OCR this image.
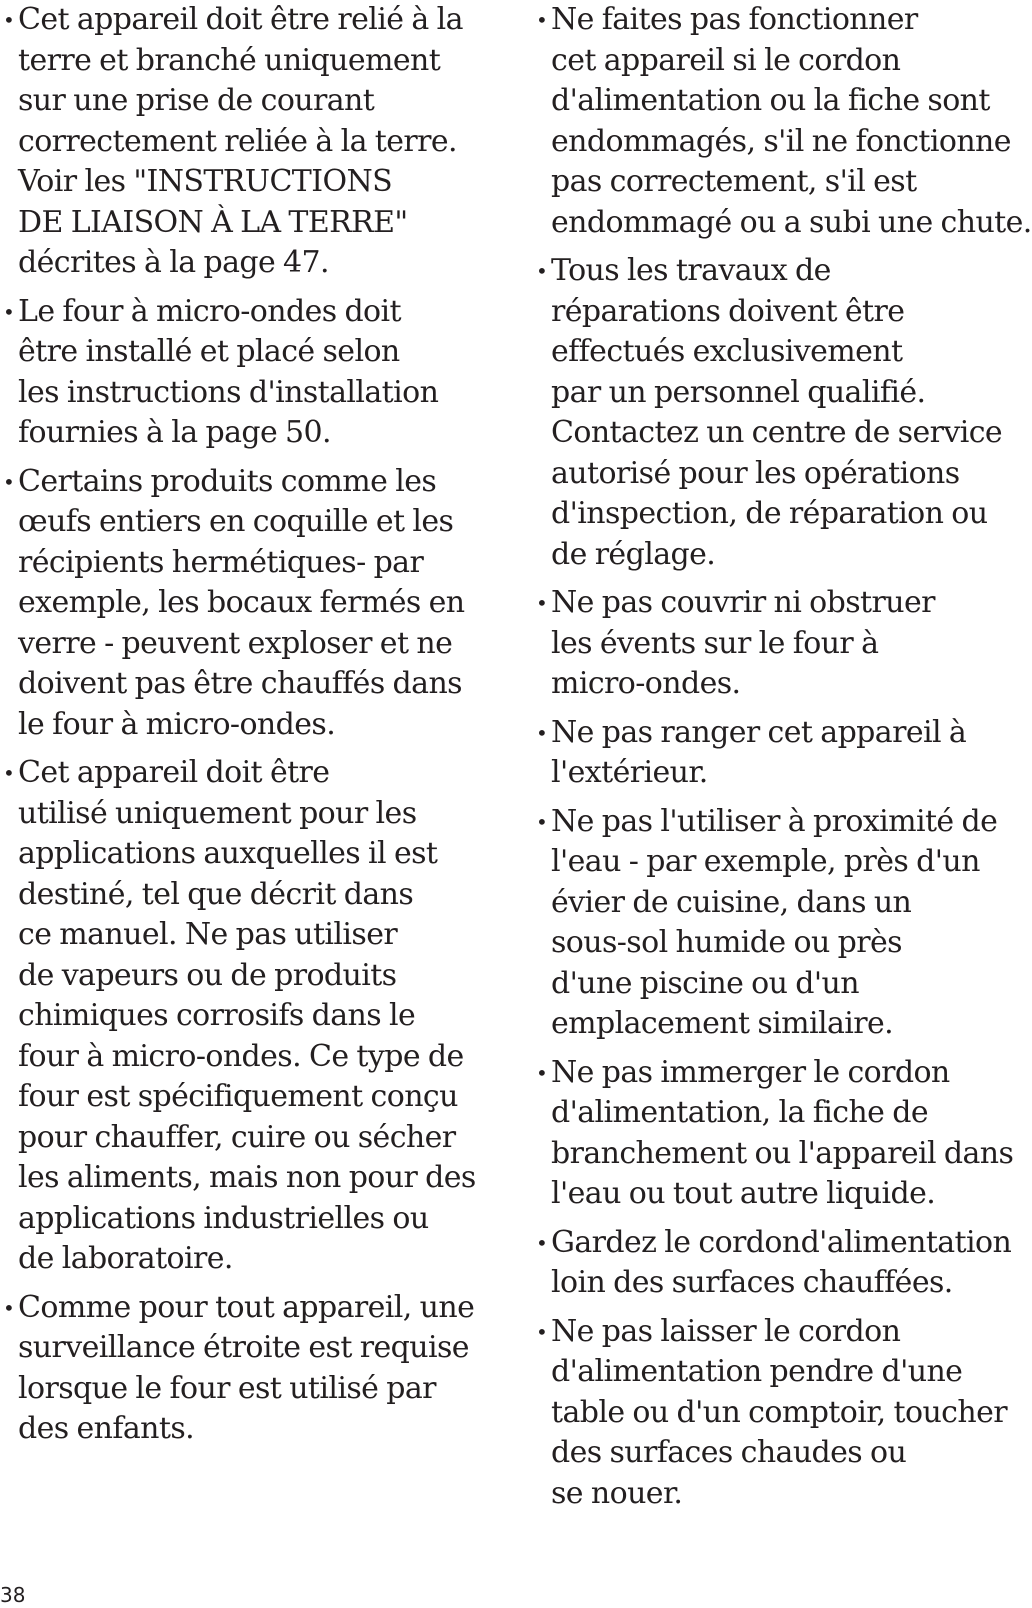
• Cet appareil doit être relié à la
terre et branché uniquement
sur une prise de courant
correctement reliée à la terre.
Voir les "INSTRUCTIONS
DE LIAISON À LA TERRE"
décrites à la page 47.
• Le four à micro-ondes doit
être installé et placé selon
les instructions d'installation
fournies à la page 50.
• Certains produits comme les
œufs entiers en coquille et les
récipients hermétiques- par
exemple, les bocaux fermés en
verre - peuvent exploser et ne
doivent pas être chauffés dans
le four à micro-ondes.
• Cet appareil doit être
utilisé uniquement pour les
applications auxquelles il est
destiné, tel que décrit dans
ce manuel. Ne pas utiliser
de vapeurs ou de produits
chimiques corrosifs dans le
four à micro-ondes. Ce type de
four est spécifiquement conçu
pour chauffer, cuire ou sécher
les aliments, mais non pour des
applications industrielles ou
de laboratoire.
• Comme pour tout appareil, une
surveillance étroite est requise
lorsque le four est utilisé par
des enfants.
• Ne faites pas fonctionner
cet appareil si le cordon
d'alimentation ou la fiche sont
endommagés, s'il ne fonctionne
pas correctement, s'il est
endommagé ou a subi une chute.
• Tous les travaux de
réparations doivent être
effectués exclusivement
par un personnel qualifié.
Contactez un centre de service
autorisé pour les opérations
d'inspection, de réparation ou
de réglage.
• Ne pas couvrir ni obstruer
les évents sur le four à
micro-ondes.
• Ne pas ranger cet appareil à
l'extérieur.
• Ne pas l'utiliser à proximité de
l'eau - par exemple, près d'un
évier de cuisine, dans un
sous-sol humide ou près
d'une piscine ou d'un
emplacement similaire.
• Ne pas immerger le cordon
d'alimentation, la fiche de
branchement ou l'appareil dans
l'eau ou tout autre liquide.
• Gardez le cordond'alimentation
loin des surfaces chauffées.
• Ne pas laisser le cordon
d'alimentation pendre d'une
table ou d'un comptoir, toucher
des surfaces chaudes ou
se nouer.
38
